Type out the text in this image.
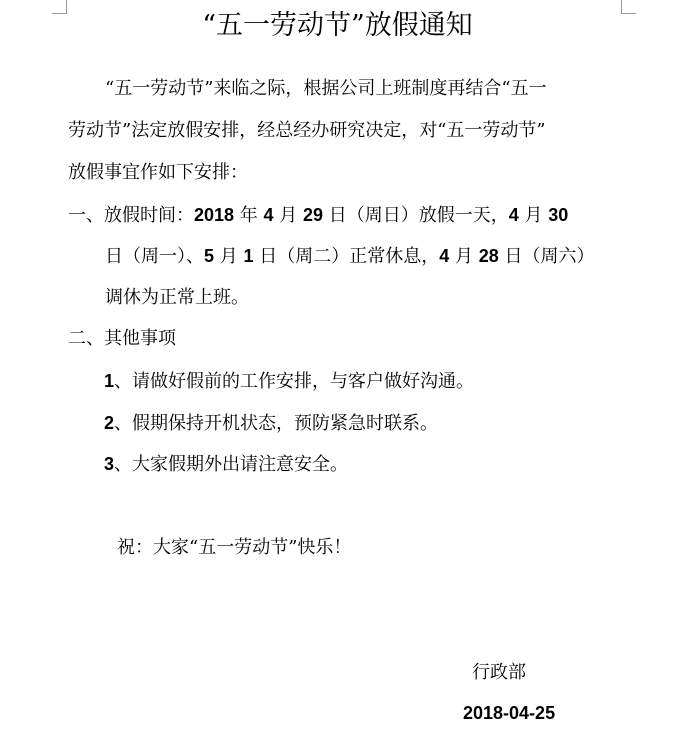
“五一劳动节”放假通知
“五一劳动节”来临之际，根据公司上班制度再结合“五一
劳动节”法定放假安排，经总经办研究决定，对“五一劳动节”
放假事宜作如下安排：
一、放假时间：2018 年 4 月 29 日（周日）放假一天，4 月 30
日（周一）、5 月 1 日（周二）正常休息，4 月 28 日（周六）
调休为正常上班。
二、其他事项
1、请做好假前的工作安排，与客户做好沟通。
2、假期保持开机状态，预防紧急时联系。
3、大家假期外出请注意安全。
祝：大家“五一劳动节”快乐！
行政部
2018-04-25
